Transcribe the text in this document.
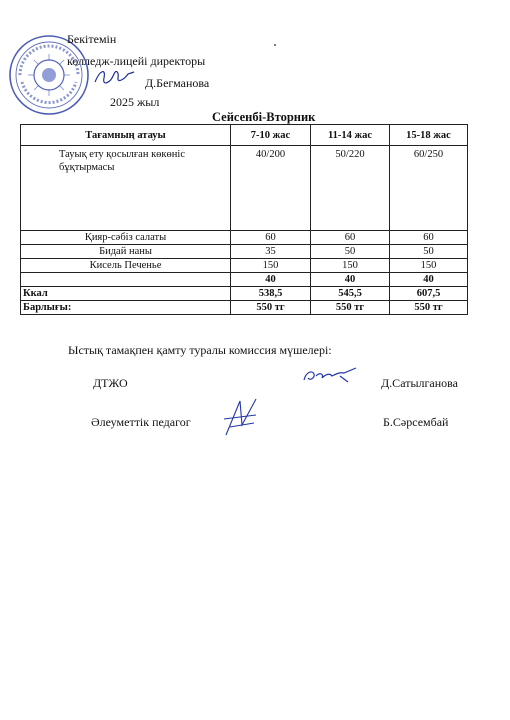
Бекітемін
колледж-лицейі директоры
Д.Бегманова
2025 жыл
Сейсенбі-Вторник
Тағамның атауы	7-10 жас	11-14 жас	15-18 жас
Тауық ету қосылған көкөніс бұқтырмасы	40/200	50/220	60/250
Қияр-сәбіз салаты	60	60	60
Бидай наны	35	50	50
Кисель Печенье	150	150	150
	40	40	40
Ккал	538,5	545,5	607,5
Барлығы:	550 тг	550 тг	550 тг
Ыстық тамақпен қамту туралы комиссия мүшелері:
ДТЖО	Д.Сатылганова
Әлеуметтік педагог	Б.Сәрсембай
